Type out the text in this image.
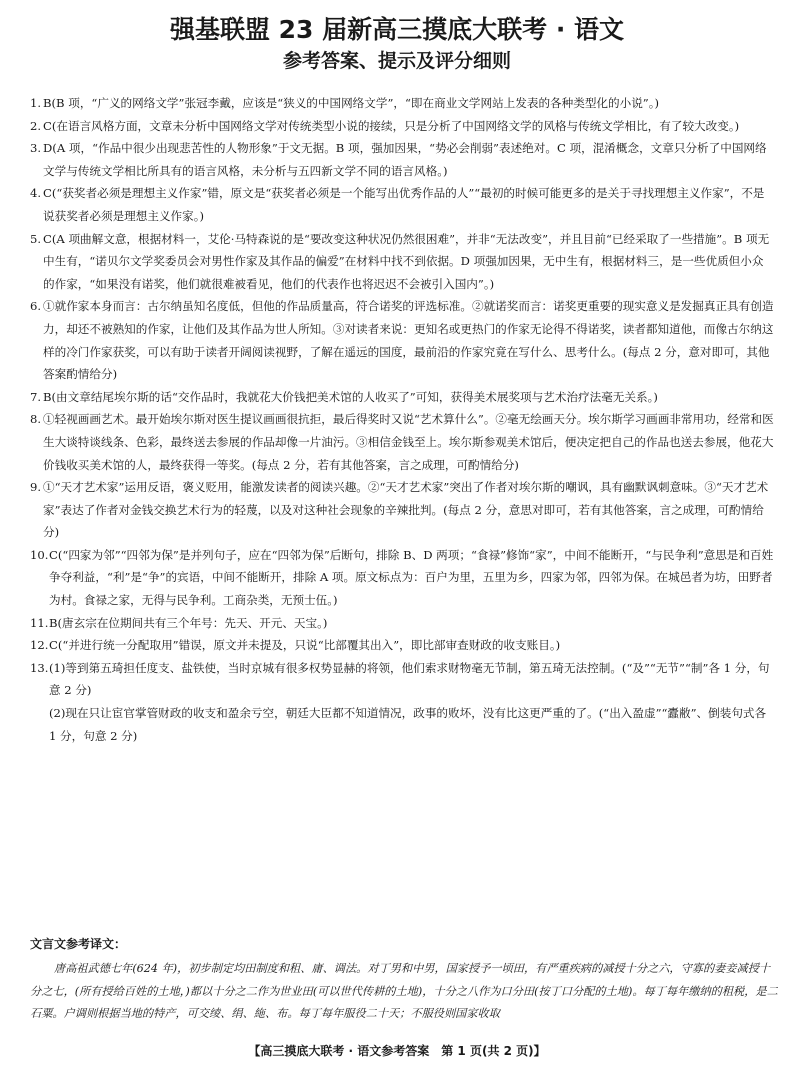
强基联盟 23 届新高三摸底大联考 · 语文
参考答案、提示及评分细则
1. B(B 项，“广义的网络文学”张冠李戴，应该是“狭义的中国网络文学”，“即在商业文学网站上发表的各种类型化的小说”。)
2. C(在语言风格方面，文章未分析中国网络文学对传统类型小说的接续，只是分析了中国网络文学的风格与传统文学相比，有了较大改变。)
3. D(A 项，“作品中很少出现悲苦性的人物形象”于文无据。B 项，强加因果，“势必会削弱”表述绝对。C 项，混淆概念，文章只分析了中国网络文学与传统文学相比所具有的语言风格，未分析与五四新文学不同的语言风格。)
4. C(“获奖者必须是理想主义作家”错，原文是“获奖者必须是一个能写出优秀作品的人”“最初的时候可能更多的是关于寻找理想主义作家”，不是说获奖者必须是理想主义作家。)
5. C(A 项曲解文意，根据材料一，艾伦·马特森说的是“要改变这种状况仍然很困难”，并非“无法改变”，并且目前“已经采取了一些措施”。B 项无中生有，“诺贝尔文学奖委员会对男性作家及其作品的偏爱”在材料中找不到依据。D 项强加因果，无中生有，根据材料三，是一些优质但小众的作家，“如果没有诺奖，他们就很难被看见，他们的代表作也将迟迟不会被引入国内”。)
6. ①就作家本身而言：古尔纳虽知名度低，但他的作品质量高，符合诺奖的评选标准。②就诺奖而言：诺奖更重要的现实意义是发掘真正具有创造力，却还不被熟知的作家，让他们及其作品为世人所知。③对读者来说：更知名或更热门的作家无论得不得诺奖，读者都知道他，而像古尔纳这样的冷门作家获奖，可以有助于读者开阔阅读视野，了解在遥远的国度，最前沿的作家究竟在写什么、思考什么。(每点 2 分，意对即可，其他答案酌情给分)
7. B(由文章结尾埃尔斯的话“交作品时，我就花大价钱把美术馆的人收买了”可知，获得美术展奖项与艺术治疗法毫无关系。)
8. ①轻视画画艺术。最开始埃尔斯对医生提议画画很抗拒，最后得奖时又说“艺术算什么”。②毫无绘画天分。埃尔斯学习画画非常用功，经常和医生大谈特谈线条、色彩，最终送去参展的作品却像一片油污。③相信金钱至上。埃尔斯参观美术馆后，便决定把自己的作品也送去参展，他花大价钱收买美术馆的人，最终获得一等奖。(每点 2 分，若有其他答案，言之成理，可酌情给分)
9. ①“天才艺术家”运用反语，褒义贬用，能激发读者的阅读兴趣。②“天才艺术家”突出了作者对埃尔斯的嘲讽，具有幽默讽刺意味。③“天才艺术家”表达了作者对金钱交换艺术行为的轻蔑，以及对这种社会现象的辛辣批判。(每点 2 分，意思对即可，若有其他答案，言之成理，可酌情给分)
10. C(“四家为邻”“四邻为保”是并列句子，应在“四邻为保”后断句，排除 B、D 两项；“食禄”修饰“家”，中间不能断开，“与民争利”意思是和百姓争夺利益，“利”是“争”的宾语，中间不能断开，排除 A 项。原文标点为：百户为里，五里为乡，四家为邻，四邻为保。在城邑者为坊，田野者为村。食禄之家，无得与民争利。工商杂类，无预士伍。)
11. B(唐玄宗在位期间共有三个年号：先天、开元、天宝。)
12. C(“并进行统一分配取用”错误，原文并未提及，只说“比部覆其出入”，即比部审查财政的收支账目。)
13. (1)等到第五琦担任度支、盐铁使，当时京城有很多权势显赫的将领，他们索求财物毫无节制，第五琦无法控制。(“及”“无节”“制”各 1 分，句意 2 分)
(2)现在只让宦官掌管财政的收支和盈余亏空，朝廷大臣都不知道情况，政事的败坏，没有比这更严重的了。(“出入盈虚”“蠹敝”、倒装句式各 1 分，句意 2 分)
文言文参考译文：
唐高祖武德七年(624 年)，初步制定均田制度和租、庸、调法。对丁男和中男，国家授予一顷田，有严重疾病的减授十分之六，守寡的妻妾减授十分之七，(所有授给百姓的土地，)都以十分之二作为世业田(可以世代传耕的土地)，十分之八作为口分田(按丁口分配的土地)。每丁每年缴纳的租税，是二石粟。户调则根据当地的特产，可交绫、绢、絁、布。每丁每年服役二十天；不服役则国家收取
【高三摸底大联考 · 语文参考答案　第 1 页(共 2 页)】
